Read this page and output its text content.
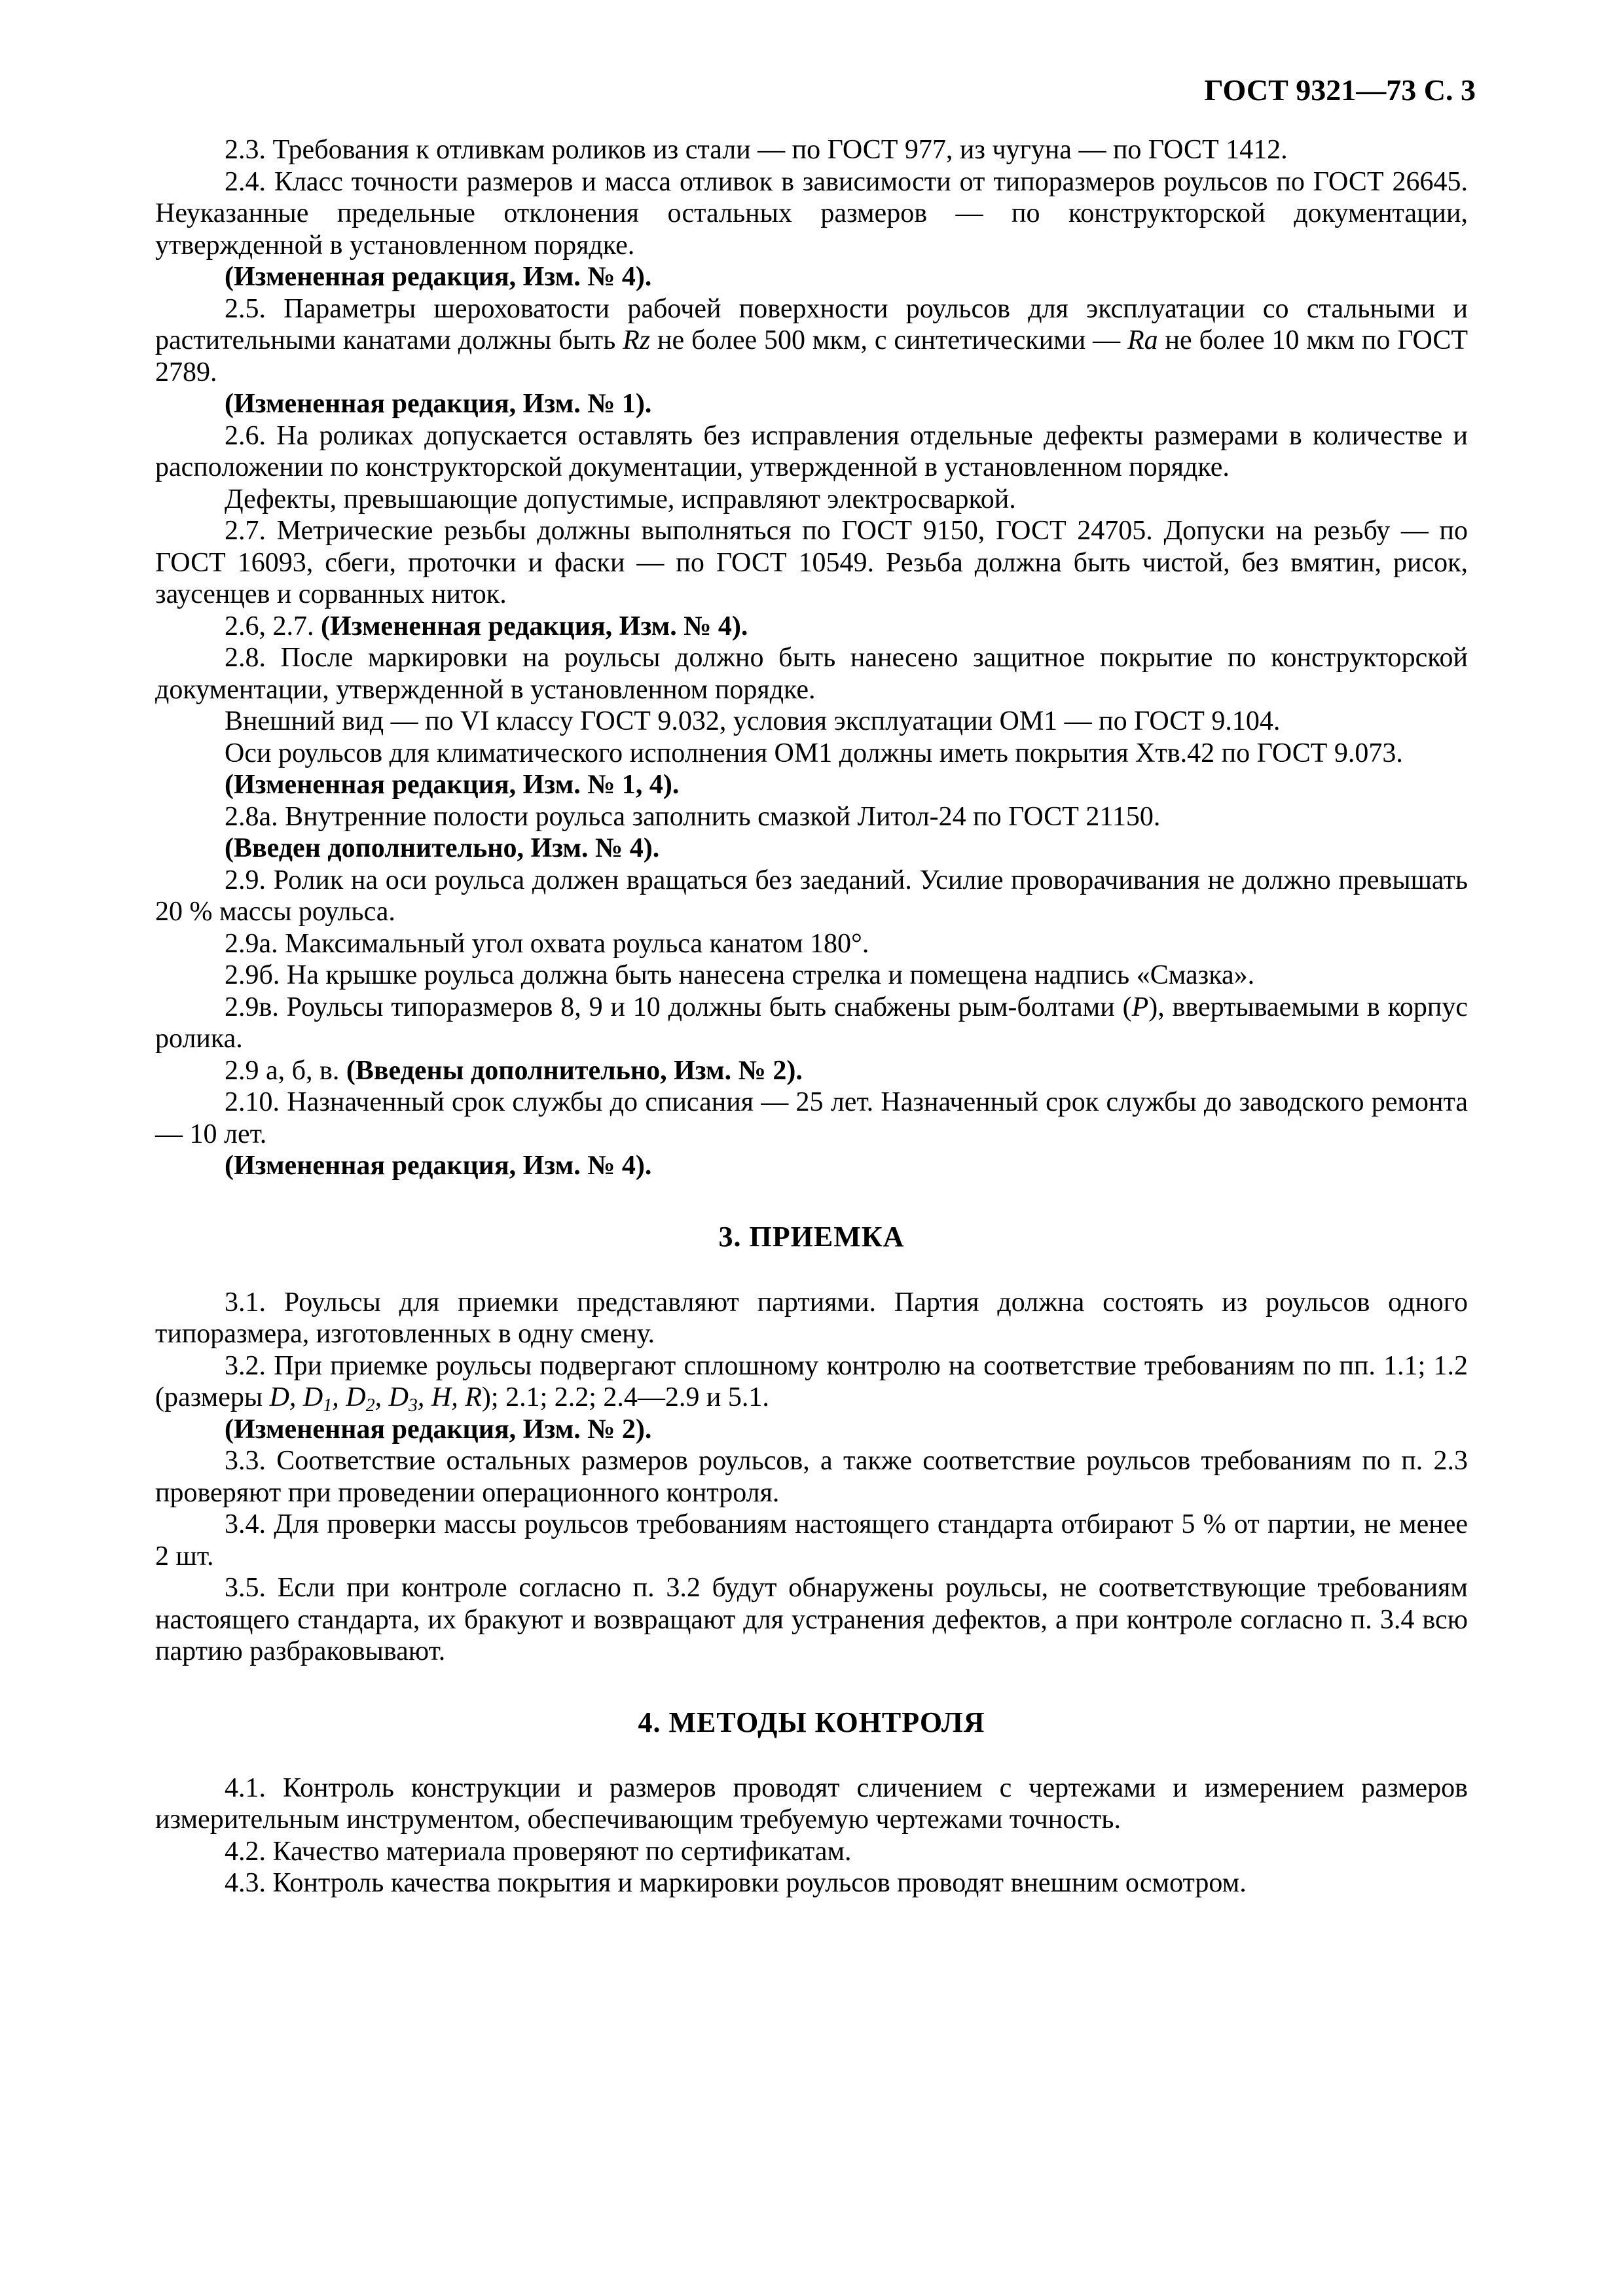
ГОСТ 9321—73 С. 3

2.3. Требования к отливкам роликов из стали — по ГОСТ 977, из чугуна — по ГОСТ 1412.

2.4. Класс точности размеров и масса отливок в зависимости от типоразмеров роульсов по ГОСТ 26645. Неуказанные предельные отклонения остальных размеров — по конструкторской документации, утвержденной в установленном порядке.

(Измененная редакция, Изм. № 4).

2.5. Параметры шероховатости рабочей поверхности роульсов для эксплуатации со стальными и растительными канатами должны быть Rz не более 500 мкм, с синтетическими — Ra не более 10 мкм по ГОСТ 2789.

(Измененная редакция, Изм. № 1).

2.6. На роликах допускается оставлять без исправления отдельные дефекты размерами в количестве и расположении по конструкторской документации, утвержденной в установленном порядке.

Дефекты, превышающие допустимые, исправляют электросваркой.

2.7. Метрические резьбы должны выполняться по ГОСТ 9150, ГОСТ 24705. Допуски на резьбу — по ГОСТ 16093, сбеги, проточки и фаски — по ГОСТ 10549. Резьба должна быть чистой, без вмятин, рисок, заусенцев и сорванных ниток.

2.6, 2.7. (Измененная редакция, Изм. № 4).

2.8. После маркировки на роульсы должно быть нанесено защитное покрытие по конструкторской документации, утвержденной в установленном порядке.

Внешний вид — по VI классу ГОСТ 9.032, условия эксплуатации ОМ1 — по ГОСТ 9.104.

Оси роульсов для климатического исполнения ОМ1 должны иметь покрытия Хтв.42 по ГОСТ 9.073.

(Измененная редакция, Изм. № 1, 4).

2.8а. Внутренние полости роульса заполнить смазкой Литол-24 по ГОСТ 21150.

(Введен дополнительно, Изм. № 4).

2.9. Ролик на оси роульса должен вращаться без заеданий. Усилие проворачивания не должно превышать 20 % массы роульса.

2.9а. Максимальный угол охвата роульса канатом 180°.

2.9б. На крышке роульса должна быть нанесена стрелка и помещена надпись «Смазка».

2.9в. Роульсы типоразмеров 8, 9 и 10 должны быть снабжены рым-болтами (P), ввертываемыми в корпус ролика.

2.9 а, б, в. (Введены дополнительно, Изм. № 2).

2.10. Назначенный срок службы до списания — 25 лет. Назначенный срок службы до заводского ремонта — 10 лет.

(Измененная редакция, Изм. № 4).

3. ПРИЕМКА

3.1. Роульсы для приемки представляют партиями. Партия должна состоять из роульсов одного типоразмера, изготовленных в одну смену.

3.2. При приемке роульсы подвергают сплошному контролю на соответствие требованиям по пп. 1.1; 1.2 (размеры D, $D_1$, $D_2$, $D_3$, H, R); 2.1; 2.2; 2.4—2.9 и 5.1.

(Измененная редакция, Изм. № 2).

3.3. Соответствие остальных размеров роульсов, а также соответствие роульсов требованиям по п. 2.3 проверяют при проведении операционного контроля.

3.4. Для проверки массы роульсов требованиям настоящего стандарта отбирают 5 % от партии, не менее 2 шт.

3.5. Если при контроле согласно п. 3.2 будут обнаружены роульсы, не соответствующие требованиям настоящего стандарта, их бракуют и возвращают для устранения дефектов, а при контроле согласно п. 3.4 всю партию разбраковывают.

4. МЕТОДЫ КОНТРОЛЯ

4.1. Контроль конструкции и размеров проводят сличением с чертежами и измерением размеров измерительным инструментом, обеспечивающим требуемую чертежами точность.

4.2. Качество материала проверяют по сертификатам.

4.3. Контроль качества покрытия и маркировки роульсов проводят внешним осмотром.
